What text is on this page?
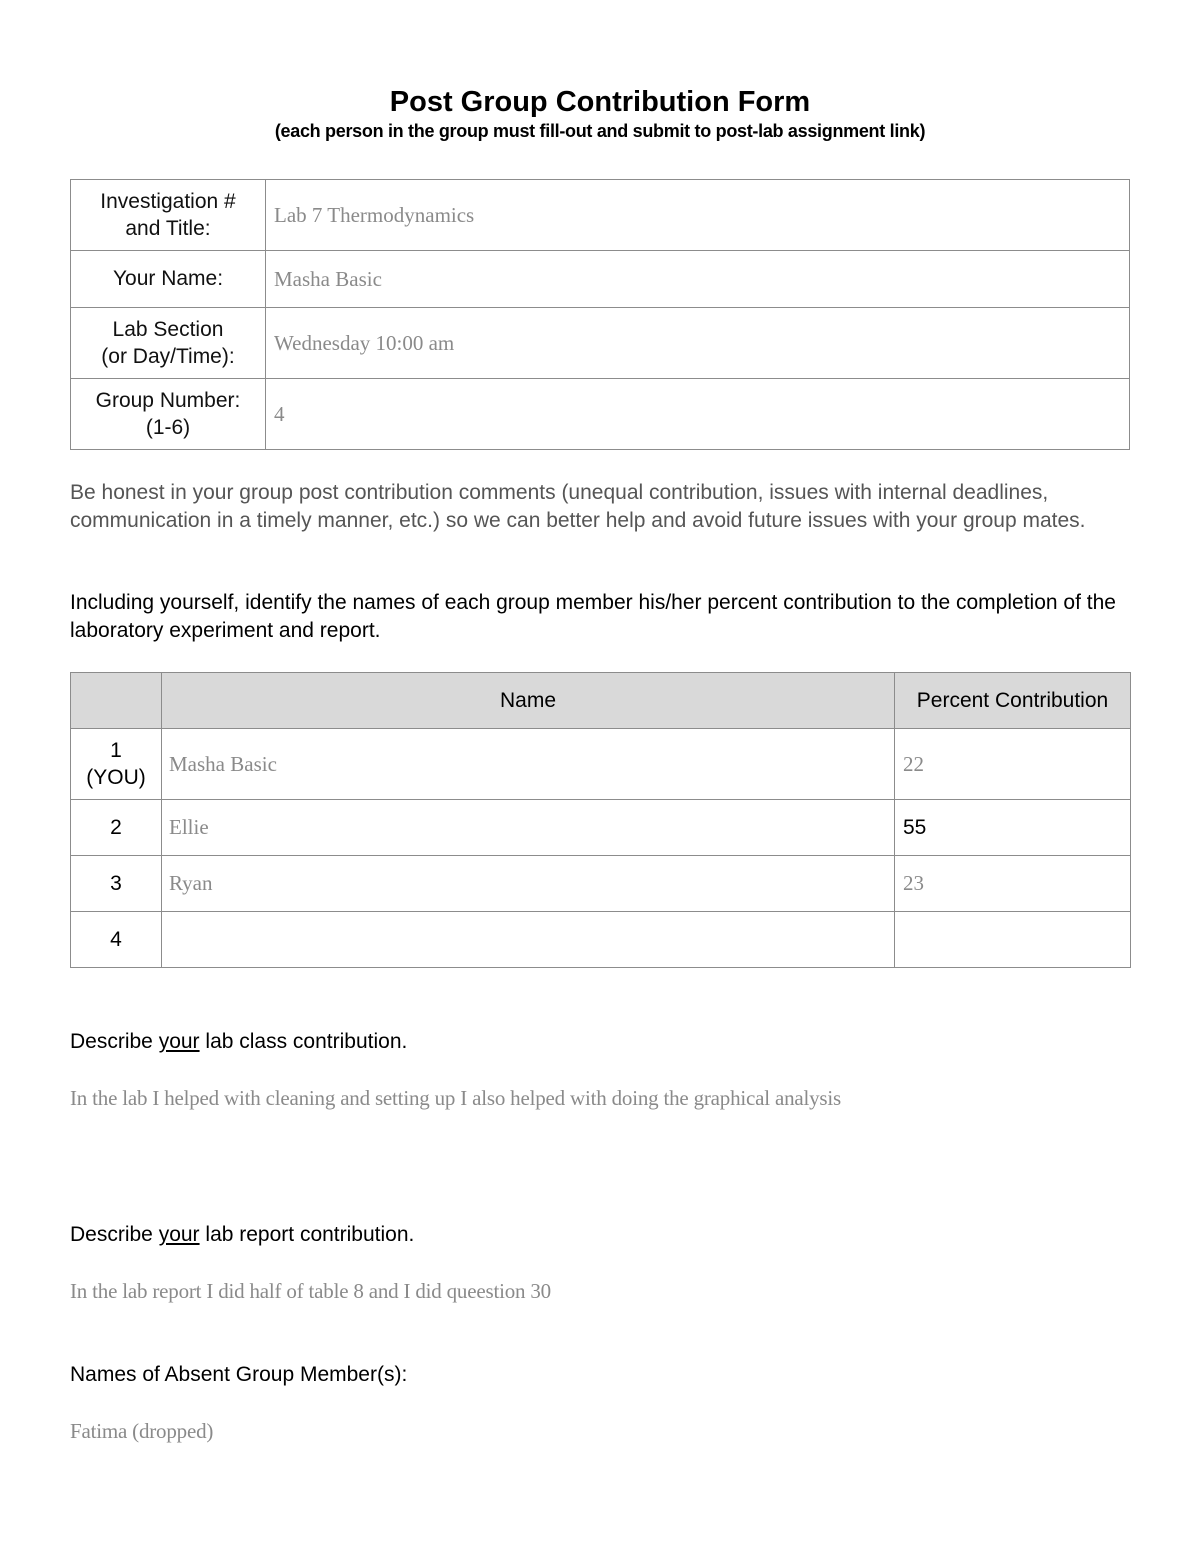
Post Group Contribution Form
(each person in the group must fill-out and submit to post-lab assignment link)
Investigation #
and Title:	Lab 7 Thermodynamics

Your Name:	Masha Basic

Lab Section
(or Day/Time):	Wednesday 10:00 am

Group Number:
(1-6)	4
Be honest in your group post contribution comments (unequal contribution, issues with internal deadlines, communication in a timely manner, etc.) so we can better help and avoid future issues with your group mates.
Including yourself, identify the names of each group member his/her percent contribution to the completion of the laboratory experiment and report.
	Name	Percent Contribution

1
(YOU)	Masha Basic	22
2	Ellie	55
3	Ryan	23
4		
Describe your lab class contribution.
In the lab I helped with cleaning and setting up I also helped with doing the graphical analysis
Describe your lab report contribution.
In the lab report I did half of table 8 and I did queestion 30
Names of Absent Group Member(s):
Fatima (dropped)
